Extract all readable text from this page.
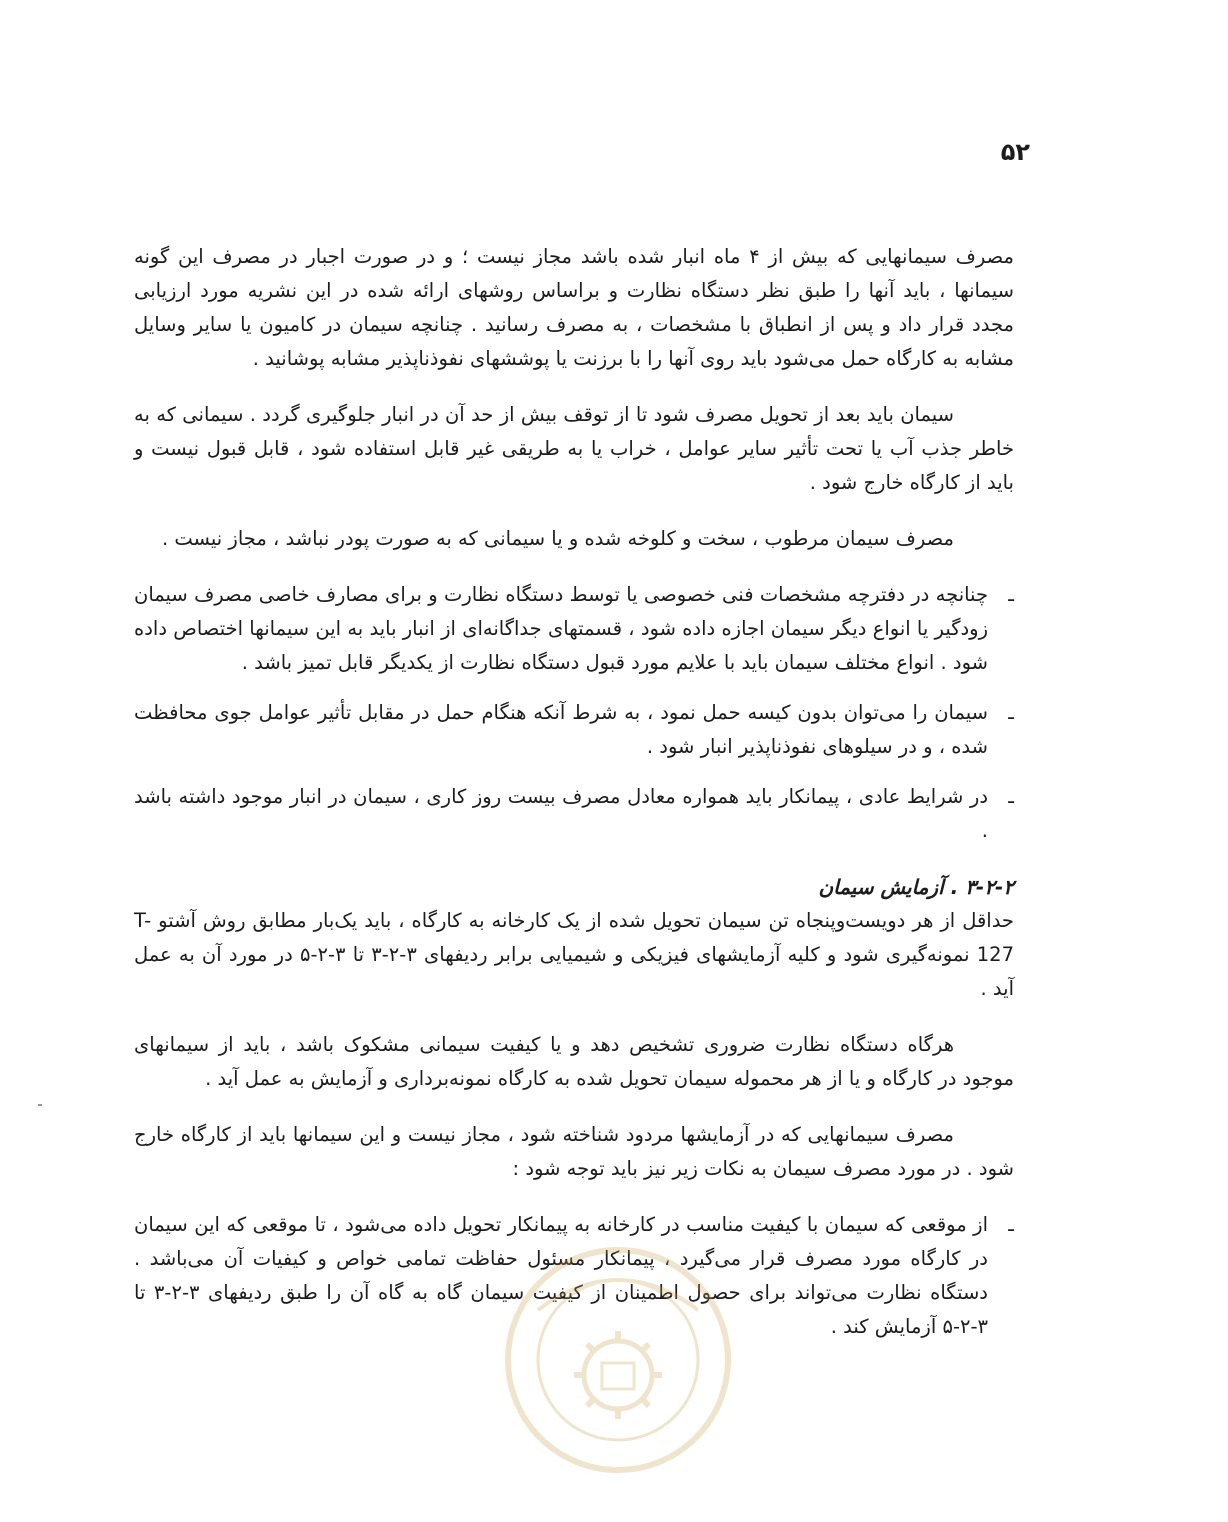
۵۲

مصرف سیمانهایی که بیش از ۴ ماه انبار شده باشد مجاز نیست ؛ و در صورت اجبار در مصرف این گونه سیمانها ، باید آنها را طبق نظر دستگاه نظارت و براساس روشهای ارائه شده در این نشریه مورد ارزیابی مجدد قرار داد و پس از انطباق با مشخصات ، به مصرف رسانید . چنانچه سیمان در کامیون یا سایر وسایل مشابه به کارگاه حمل می‌شود باید روی آنها را با برزنت یا پوششهای نفوذناپذیر مشابه پوشانید .

سیمان باید بعد از تحویل مصرف شود تا از توقف بیش از حد آن در انبار جلوگیری گردد . سیمانی که به خاطر جذب آب یا تحت تأثیر سایر عوامل ، خراب یا به طریقی غیر قابل استفاده شود ، قابل قبول نیست و باید از کارگاه خارج شود .

مصرف سیمان مرطوب ، سخت و کلوخه شده و یا سیمانی که به صورت پودر نباشد ، مجاز نیست .

ـ
چنانچه در دفترچه مشخصات فنی خصوصی یا توسط دستگاه نظارت و برای مصارف خاصی مصرف سیمان زودگیر یا انواع دیگر سیمان اجازه داده شود ، قسمتهای جداگانه‌ای از انبار باید به این سیمانها اختصاص داده شود . انواع مختلف سیمان باید با علایم مورد قبول دستگاه نظارت از یکدیگر قابل تمیز باشد .
ـ
سیمان را می‌توان بدون کیسه حمل نمود ، به شرط آنکه هنگام حمل در مقابل تأثیر عوامل جوی محافظت شده ، و در سیلوهای نفوذناپذیر انبار شود .
ـ
در شرایط عادی ، پیمانکار باید همواره معادل مصرف بیست روز کاری ، سیمان در انبار موجود داشته باشد .
۳-۲-۲ . آزمایش سیمان

حداقل از هر دویست‌وپنجاه تن سیمان تحویل شده از یک کارخانه به کارگاه ، باید یک‌بار مطابق روش آشتو T-127 نمونه‌گیری شود و کلیه آزمایشهای فیزیکی و شیمیایی برابر ردیفهای ۳-۲-۳ تا ۳-۲-۵ در مورد آن به عمل آید .

هرگاه دستگاه نظارت ضروری تشخیص دهد و یا کیفیت سیمانی مشکوک باشد ، باید از سیمانهای موجود در کارگاه و یا از هر محموله سیمان تحویل شده به کارگاه نمونه‌برداری و آزمایش به عمل آید .

مصرف سیمانهایی که در آزمایشها مردود شناخته شود ، مجاز نیست و این سیمانها باید از کارگاه خارج شود . در مورد مصرف سیمان به نکات زیر نیز باید توجه شود :

ـ
از موقعی که سیمان با کیفیت مناسب در کارخانه به پیمانکار تحویل داده می‌شود ، تا موقعی که این سیمان در کارگاه مورد مصرف قرار می‌گیرد ، پیمانکار مسئول حفاظت تمامی خواص و کیفیات آن می‌باشد . دستگاه نظارت می‌تواند برای حصول اطمینان از کیفیت سیمان گاه به گاه آن را طبق ردیفهای ۳-۲-۳ تا ۳-۲-۵ آزمایش کند .
